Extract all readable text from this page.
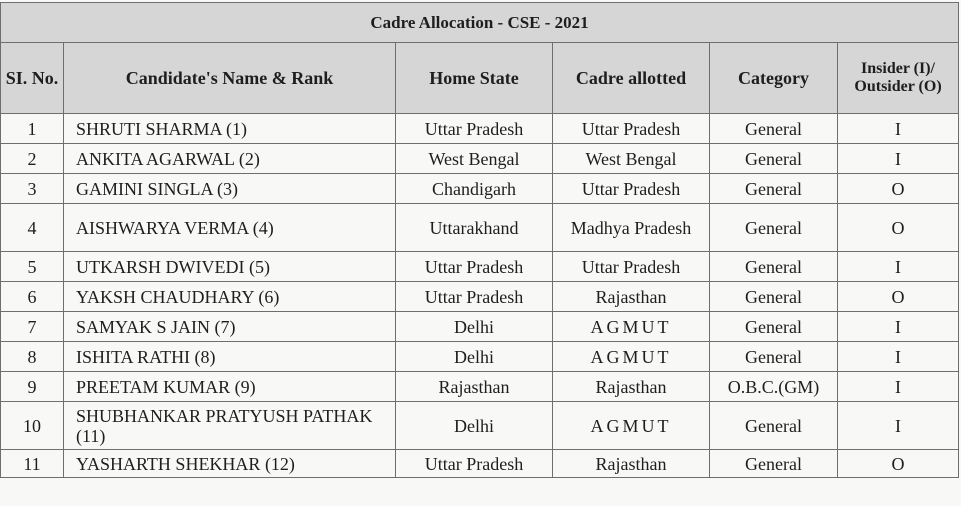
Cadre Allocation - CSE - 2021					
SI. No.	Candidate's Name & Rank	Home State	Cadre allotted	Category	Insider (I)/ Outsider (O)
1	SHRUTI SHARMA (1)	Uttar Pradesh	Uttar Pradesh	General	I
2	ANKITA AGARWAL (2)	West Bengal	West Bengal	General	I
3	GAMINI SINGLA (3)	Chandigarh	Uttar Pradesh	General	O
4	AISHWARYA VERMA (4)	Uttarakhand	Madhya Pradesh	General	O
5	UTKARSH DWIVEDI (5)	Uttar Pradesh	Uttar Pradesh	General	I
6	YAKSH CHAUDHARY (6)	Uttar Pradesh	Rajasthan	General	O
7	SAMYAK S JAIN (7)	Delhi	AGMUT	General	I
8	ISHITA RATHI (8)	Delhi	AGMUT	General	I
9	PREETAM KUMAR (9)	Rajasthan	Rajasthan	O.B.C.(GM)	I
10	SHUBHANKAR PRATYUSH PATHAK (11)	Delhi	AGMUT	General	I
11	YASHARTH SHEKHAR (12)	Uttar Pradesh	Rajasthan	General	O
